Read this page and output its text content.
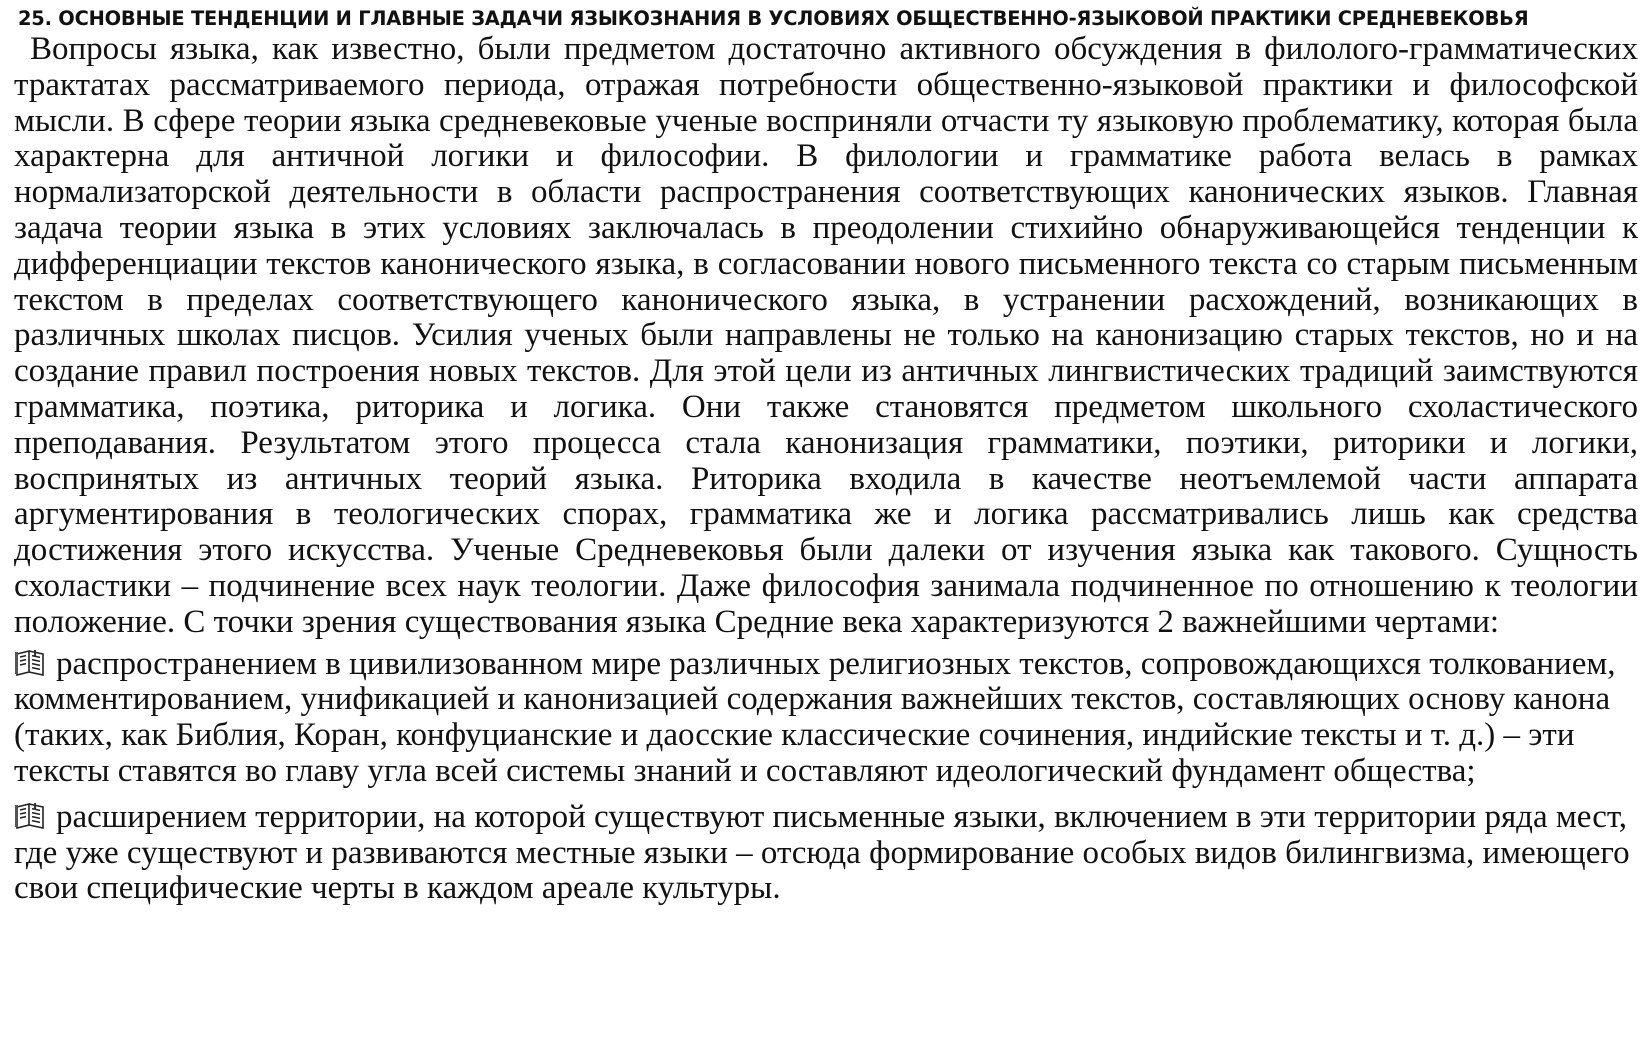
25. ОСНОВНЫЕ ТЕНДЕНЦИИ И ГЛАВНЫЕ ЗАДАЧИ ЯЗЫКОЗНАНИЯ В УСЛОВИЯХ ОБЩЕСТВЕННО-ЯЗЫКОВОЙ ПРАКТИКИ СРЕДНЕВЕКОВЬЯ

Вопросы языка, как известно, были предметом достаточно активного обсуждения в филолого-грамматических трактатах рассматриваемого периода, отражая потребности общественно-языковой практики и философской мысли. В сфере теории языка средневековые ученые восприняли отчасти ту языковую проблематику, которая была характерна для античной логики и философии. В филологии и грамматике работа велась в рамках нормализаторской деятельности в области распространения соответствующих канонических языков. Главная задача теории языка в этих условиях заключалась в преодолении стихийно обнаруживающейся тенденции к дифференциации текстов канонического языка, в согласовании нового письменного текста со старым письменным текстом в пределах соответствующего канонического языка, в устранении расхождений, возникающих в различных школах писцов. Усилия ученых были направлены не только на канонизацию старых текстов, но и на создание правил построения новых текстов. Для этой цели из античных лингвистических традиций заимствуются грамматика, поэтика, риторика и логика. Они также становятся предметом школьного схоластического преподавания. Результатом этого процесса стала канонизация грамматики, поэтики, риторики и логики, воспринятых из античных теорий языка. Риторика входила в качестве неотъемлемой части аппарата аргументирования в теологических спорах, грамматика же и логика рассматривались лишь как средства достижения этого искусства. Ученые Средневековья были далеки от изучения языка как такового. Сущность схоластики – подчинение всех наук теологии. Даже философия занимала подчиненное по отношению к теологии положение. С точки зрения существования языка Средние века характеризуются 2 важнейшими чертами:

распространением в цивилизованном мире различных религиозных текстов, сопровождающихся толкованием, комментированием, унификацией и канонизацией содержания важнейших текстов, составляющих основу канона (таких, как Библия, Коран, конфуцианские и даосские классические сочинения, индийские тексты и т. д.) – эти тексты ставятся во главу угла всей системы знаний и составляют идеологический фундамент общества;

расширением территории, на которой существуют письменные языки, включением в эти территории ряда мест, где уже существуют и развиваются местные языки – отсюда формирование особых видов билингвизма, имеющего свои специфические черты в каждом ареале культуры.
